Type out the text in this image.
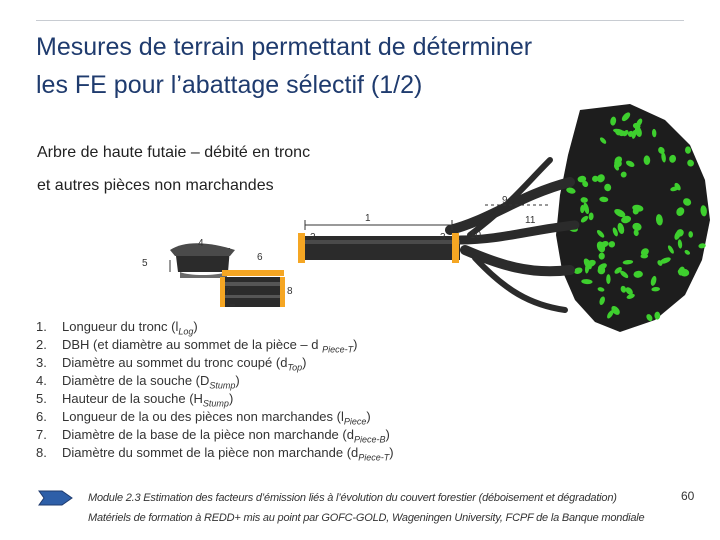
Mesures de terrain permettant de déterminer
les FE pour l’abattage sélectif (1/2)
Arbre de haute futaie – débité en tronc
et autres pièces non marchandes
1
2	3
4
5
6
7	8
9
10
11
1. Longueur du tronc $(l_{Log})$
2. DBH (et diamètre au sommet de la pièce – d $_{Piece-T}$)
3. Diamètre au sommet du tronc coupé $(d_{Top})$
4. Diamètre de la souche $(D_{Stump})$
5. Hauteur de la souche $(H_{Stump})$
6. Longueur de la ou des pièces non marchandes $(l_{Piece})$
7. Diamètre de la base de la pièce non marchande $(d_{Piece-B})$
8. Diamètre du sommet de la pièce non marchande $(d_{Piece-T})$
Module 2.3 Estimation des facteurs d’émission liés à l’évolution du couvert forestier (déboisement et dégradation)
Matériels de formation à REDD+ mis au point par GOFC-GOLD, Wageningen University, FCPF de la Banque mondiale
60
